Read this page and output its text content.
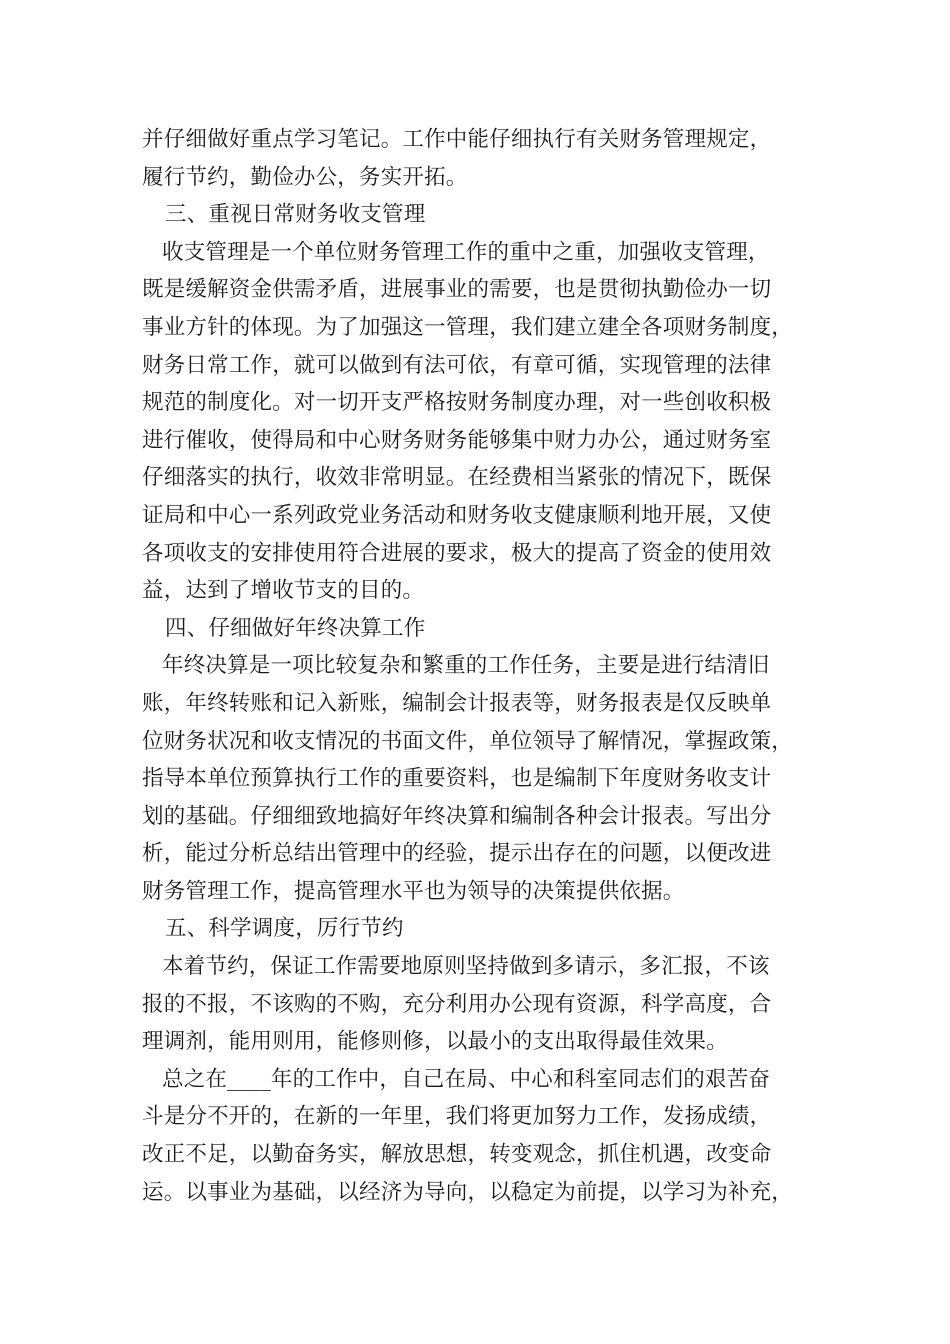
并仔细做好重点学习笔记。工作中能仔细执行有关财务管理规定，
履行节约，勤俭办公，务实开拓。
三、重视日常财务收支管理
收支管理是一个单位财务管理工作的重中之重，加强收支管理，
既是缓解资金供需矛盾，进展事业的需要，也是贯彻执勤俭办一切
事业方针的体现。为了加强这一管理，我们建立建全各项财务制度，
财务日常工作，就可以做到有法可依，有章可循，实现管理的法律
规范的制度化。对一切开支严格按财务制度办理，对一些创收积极
进行催收，使得局和中心财务财务能够集中财力办公，通过财务室
仔细落实的执行，收效非常明显。在经费相当紧张的情况下，既保
证局和中心一系列政党业务活动和财务收支健康顺利地开展，又使
各项收支的安排使用符合进展的要求，极大的提高了资金的使用效
益，达到了增收节支的目的。
四、仔细做好年终决算工作
年终决算是一项比较复杂和繁重的工作任务，主要是进行结清旧
账，年终转账和记入新账，编制会计报表等，财务报表是仅反映单
位财务状况和收支情况的书面文件，单位领导了解情况，掌握政策，
指导本单位预算执行工作的重要资料，也是编制下年度财务收支计
划的基础。仔细细致地搞好年终决算和编制各种会计报表。写出分
析，能过分析总结出管理中的经验，提示出存在的问题，以便改进
财务管理工作，提高管理水平也为领导的决策提供依据。
五、科学调度，厉行节约
本着节约，保证工作需要地原则坚持做到多请示，多汇报，不该
报的不报，不该购的不购，充分利用办公现有资源，科学高度，合
理调剂，能用则用，能修则修，以最小的支出取得最佳效果。
总之在____年的工作中，自己在局、中心和科室同志们的艰苦奋
斗是分不开的，在新的一年里，我们将更加努力工作，发扬成绩，
改正不足，以勤奋务实，解放思想，转变观念，抓住机遇，改变命
运。以事业为基础，以经济为导向，以稳定为前提，以学习为补充，
